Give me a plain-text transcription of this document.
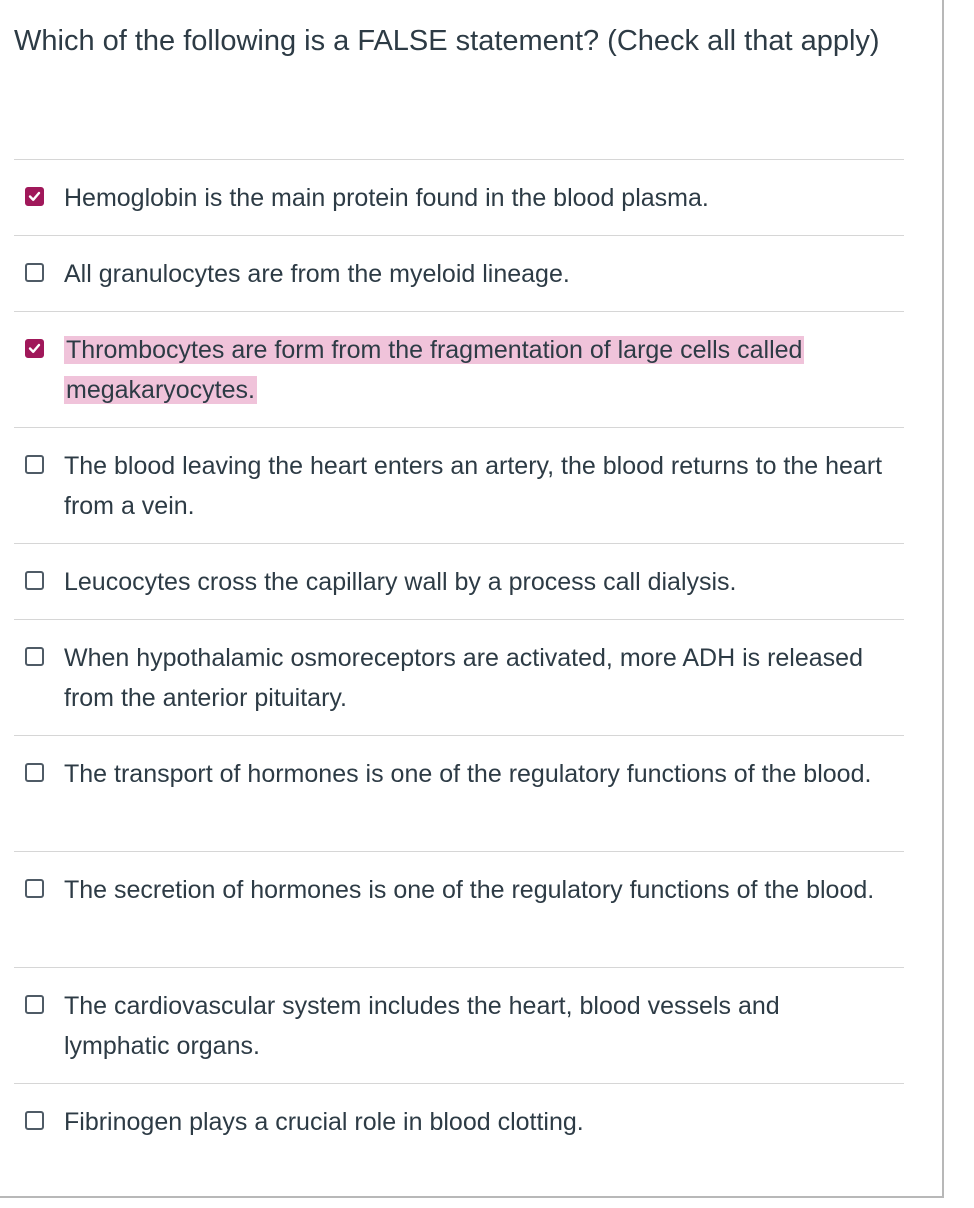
Which of the following is a FALSE statement? (Check all that apply)
Hemoglobin is the main protein found in the blood plasma.
All granulocytes are from the myeloid lineage.
Thrombocytes are form from the fragmentation of large cells called megakaryocytes.
The blood leaving the heart enters an artery, the blood returns to the heart from a vein.
Leucocytes cross the capillary wall by a process call dialysis.
When hypothalamic osmoreceptors are activated, more ADH is released from the anterior pituitary.
The transport of hormones is one of the regulatory functions of the blood.
The secretion of hormones is one of the regulatory functions of the blood.
The cardiovascular system includes the heart, blood vessels and lymphatic organs.
Fibrinogen plays a crucial role in blood clotting.
